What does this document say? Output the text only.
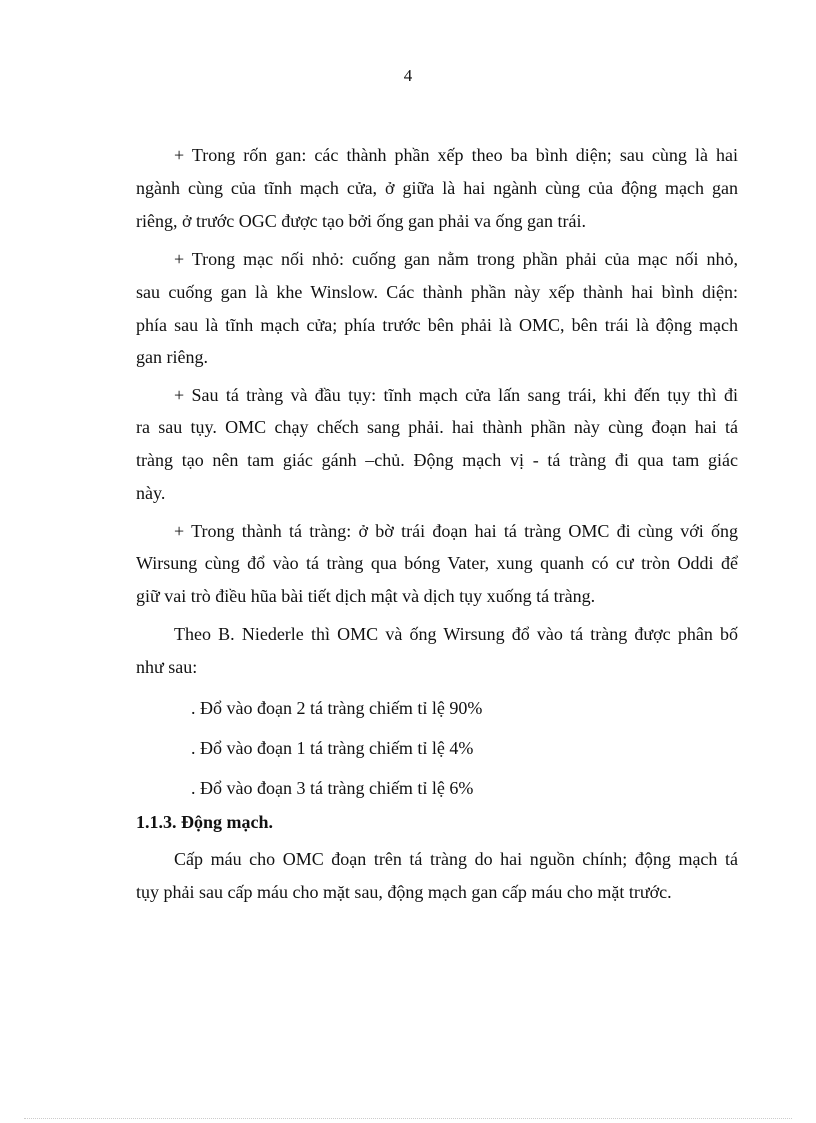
4
+ Trong rốn gan: các thành phần xếp theo ba bình diện; sau cùng là hai
ngành cùng của tĩnh mạch cửa, ở giữa là hai ngành cùng của động mạch gan
riêng, ở trước OGC được tạo bởi ống gan phải va ống gan trái.
+ Trong mạc nối nhỏ: cuống gan nằm trong phần phải của mạc nối nhỏ,
sau cuống gan là khe Winslow. Các thành phần này xếp thành hai bình diện:
phía sau là tĩnh mạch cửa; phía trước bên phải là OMC, bên trái là động mạch
gan riêng.
+ Sau tá tràng và đầu tụy: tĩnh mạch cửa lấn sang trái, khi đến tụy thì đi
ra sau tụy. OMC chạy chếch sang phải. hai thành phần này cùng đoạn hai tá
tràng tạo nên tam giác gánh –chủ. Động mạch vị - tá tràng đi qua tam giác
này.
+ Trong thành tá tràng: ở bờ trái đoạn hai tá tràng OMC đi cùng với ống
Wirsung cùng đổ vào tá tràng qua bóng Vater, xung quanh có cư tròn Oddi để
giữ vai trò điều hũa bài tiết dịch mật và dịch tụy xuống tá tràng.
Theo B. Niederle thì OMC và ống Wirsung đổ vào tá tràng được phân bố
như sau:
. Đổ vào đoạn 2 tá tràng chiếm tỉ lệ 90%
. Đổ vào đoạn 1 tá tràng chiếm tỉ lệ 4%
. Đổ vào đoạn 3 tá tràng chiếm tỉ lệ 6%
1.1.3. Động mạch.
Cấp máu cho OMC đoạn trên tá tràng do hai nguồn chính; động mạch tá
tụy phải sau cấp máu cho mặt sau, động mạch gan cấp máu cho mặt trước.
